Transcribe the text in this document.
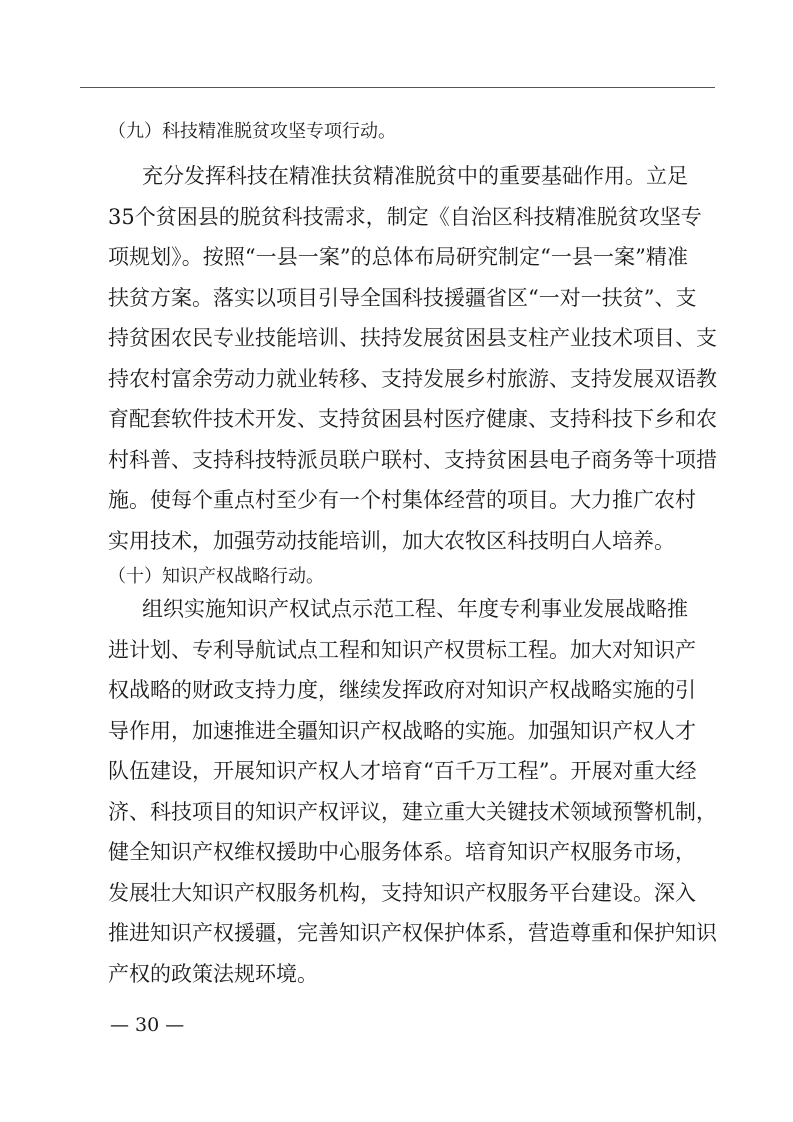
（九）科技精准脱贫攻坚专项行动。
充分发挥科技在精准扶贫精准脱贫中的重要基础作用。立足
35个贫困县的脱贫科技需求，制定《自治区科技精准脱贫攻坚专
项规划》。按照“一县一案”的总体布局研究制定“一县一案”精准
扶贫方案。落实以项目引导全国科技援疆省区“一对一扶贫”、支
持贫困农民专业技能培训、扶持发展贫困县支柱产业技术项目、支
持农村富余劳动力就业转移、支持发展乡村旅游、支持发展双语教
育配套软件技术开发、支持贫困县村医疗健康、支持科技下乡和农
村科普、支持科技特派员联户联村、支持贫困县电子商务等十项措
施。使每个重点村至少有一个村集体经营的项目。大力推广农村
实用技术，加强劳动技能培训，加大农牧区科技明白人培养。
（十）知识产权战略行动。
组织实施知识产权试点示范工程、年度专利事业发展战略推
进计划、专利导航试点工程和知识产权贯标工程。加大对知识产
权战略的财政支持力度，继续发挥政府对知识产权战略实施的引
导作用，加速推进全疆知识产权战略的实施。加强知识产权人才
队伍建设，开展知识产权人才培育“百千万工程”。开展对重大经
济、科技项目的知识产权评议，建立重大关键技术领域预警机制，
健全知识产权维权援助中心服务体系。培育知识产权服务市场，
发展壮大知识产权服务机构，支持知识产权服务平台建设。深入
推进知识产权援疆，完善知识产权保护体系，营造尊重和保护知识
产权的政策法规环境。
— 30 —
